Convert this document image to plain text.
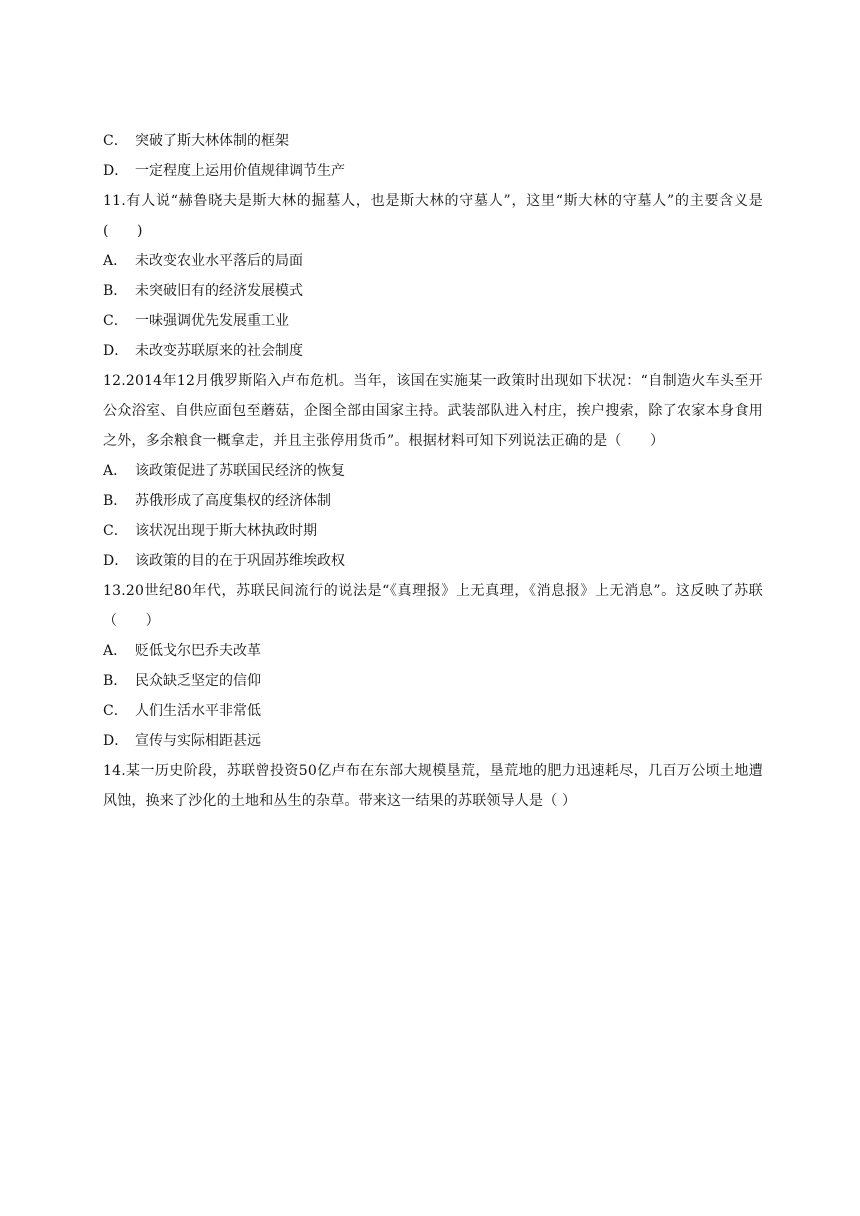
C． 突破了斯大林体制的框架
D． 一定程度上运用价值规律调节生产

11.有人说“赫鲁晓夫是斯大林的掘墓人，也是斯大林的守墓人”，这里“斯大林的守墓人”的主要含义是(　　)

A． 未改变农业水平落后的局面
B． 未突破旧有的经济发展模式
C． 一味强调优先发展重工业
D． 未改变苏联原来的社会制度

12.2014年12月俄罗斯陷入卢布危机。当年，该国在实施某一政策时出现如下状况：“自制造火车头至开公众浴室、自供应面包至蘑菇，企图全部由国家主持。武装部队进入村庄，挨户搜索，除了农家本身食用之外，多余粮食一概拿走，并且主张停用货币”。根据材料可知下列说法正确的是（　　）

A． 该政策促进了苏联国民经济的恢复
B． 苏俄形成了高度集权的经济体制
C． 该状况出现于斯大林执政时期
D． 该政策的目的在于巩固苏维埃政权

13.20世纪80年代，苏联民间流行的说法是“《真理报》上无真理，《消息报》上无消息”。这反映了苏联（　　）

A． 贬低戈尔巴乔夫改革
B． 民众缺乏坚定的信仰
C． 人们生活水平非常低
D． 宣传与实际相距甚远

14.某一历史阶段，苏联曾投资50亿卢布在东部大规模垦荒，垦荒地的肥力迅速耗尽，几百万公顷土地遭风蚀，换来了沙化的土地和丛生的杂草。带来这一结果的苏联领导人是（ ）
